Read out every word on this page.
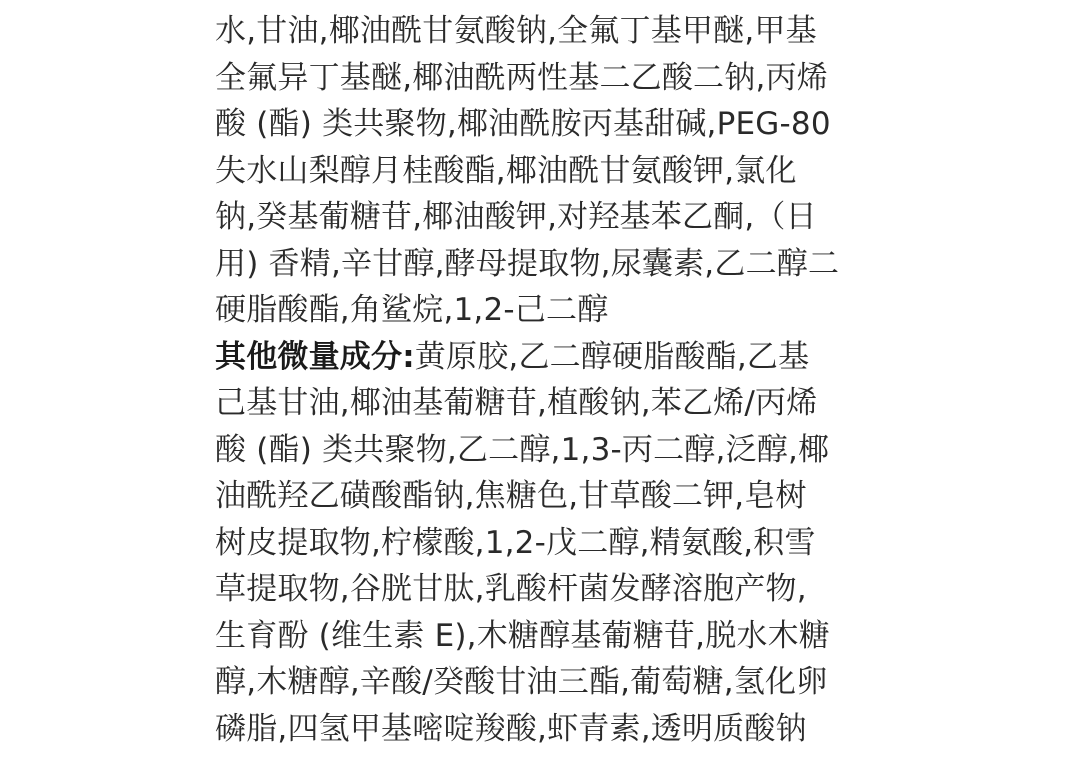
水,甘油,椰油酰甘氨酸钠,全氟丁基甲醚,甲基
全氟异丁基醚,椰油酰两性基二乙酸二钠,丙烯
酸 (酯) 类共聚物,椰油酰胺丙基甜碱,PEG-80
失水山梨醇月桂酸酯,椰油酰甘氨酸钾,氯化
钠,癸基葡糖苷,椰油酸钾,对羟基苯乙酮,（日
用) 香精,辛甘醇,酵母提取物,尿囊素,乙二醇二
硬脂酸酯,角鲨烷,1,2-己二醇
其他微量成分:黄原胶,乙二醇硬脂酸酯,乙基
己基甘油,椰油基葡糖苷,植酸钠,苯乙烯/丙烯
酸 (酯) 类共聚物,乙二醇,1,3-丙二醇,泛醇,椰
油酰羟乙磺酸酯钠,焦糖色,甘草酸二钾,皂树
树皮提取物,柠檬酸,1,2-戊二醇,精氨酸,积雪
草提取物,谷胱甘肽,乳酸杆菌发酵溶胞产物,
生育酚 (维生素 E),木糖醇基葡糖苷,脱水木糖
醇,木糖醇,辛酸/癸酸甘油三酯,葡萄糖,氢化卵
磷脂,四氢甲基嘧啶羧酸,虾青素,透明质酸钠
